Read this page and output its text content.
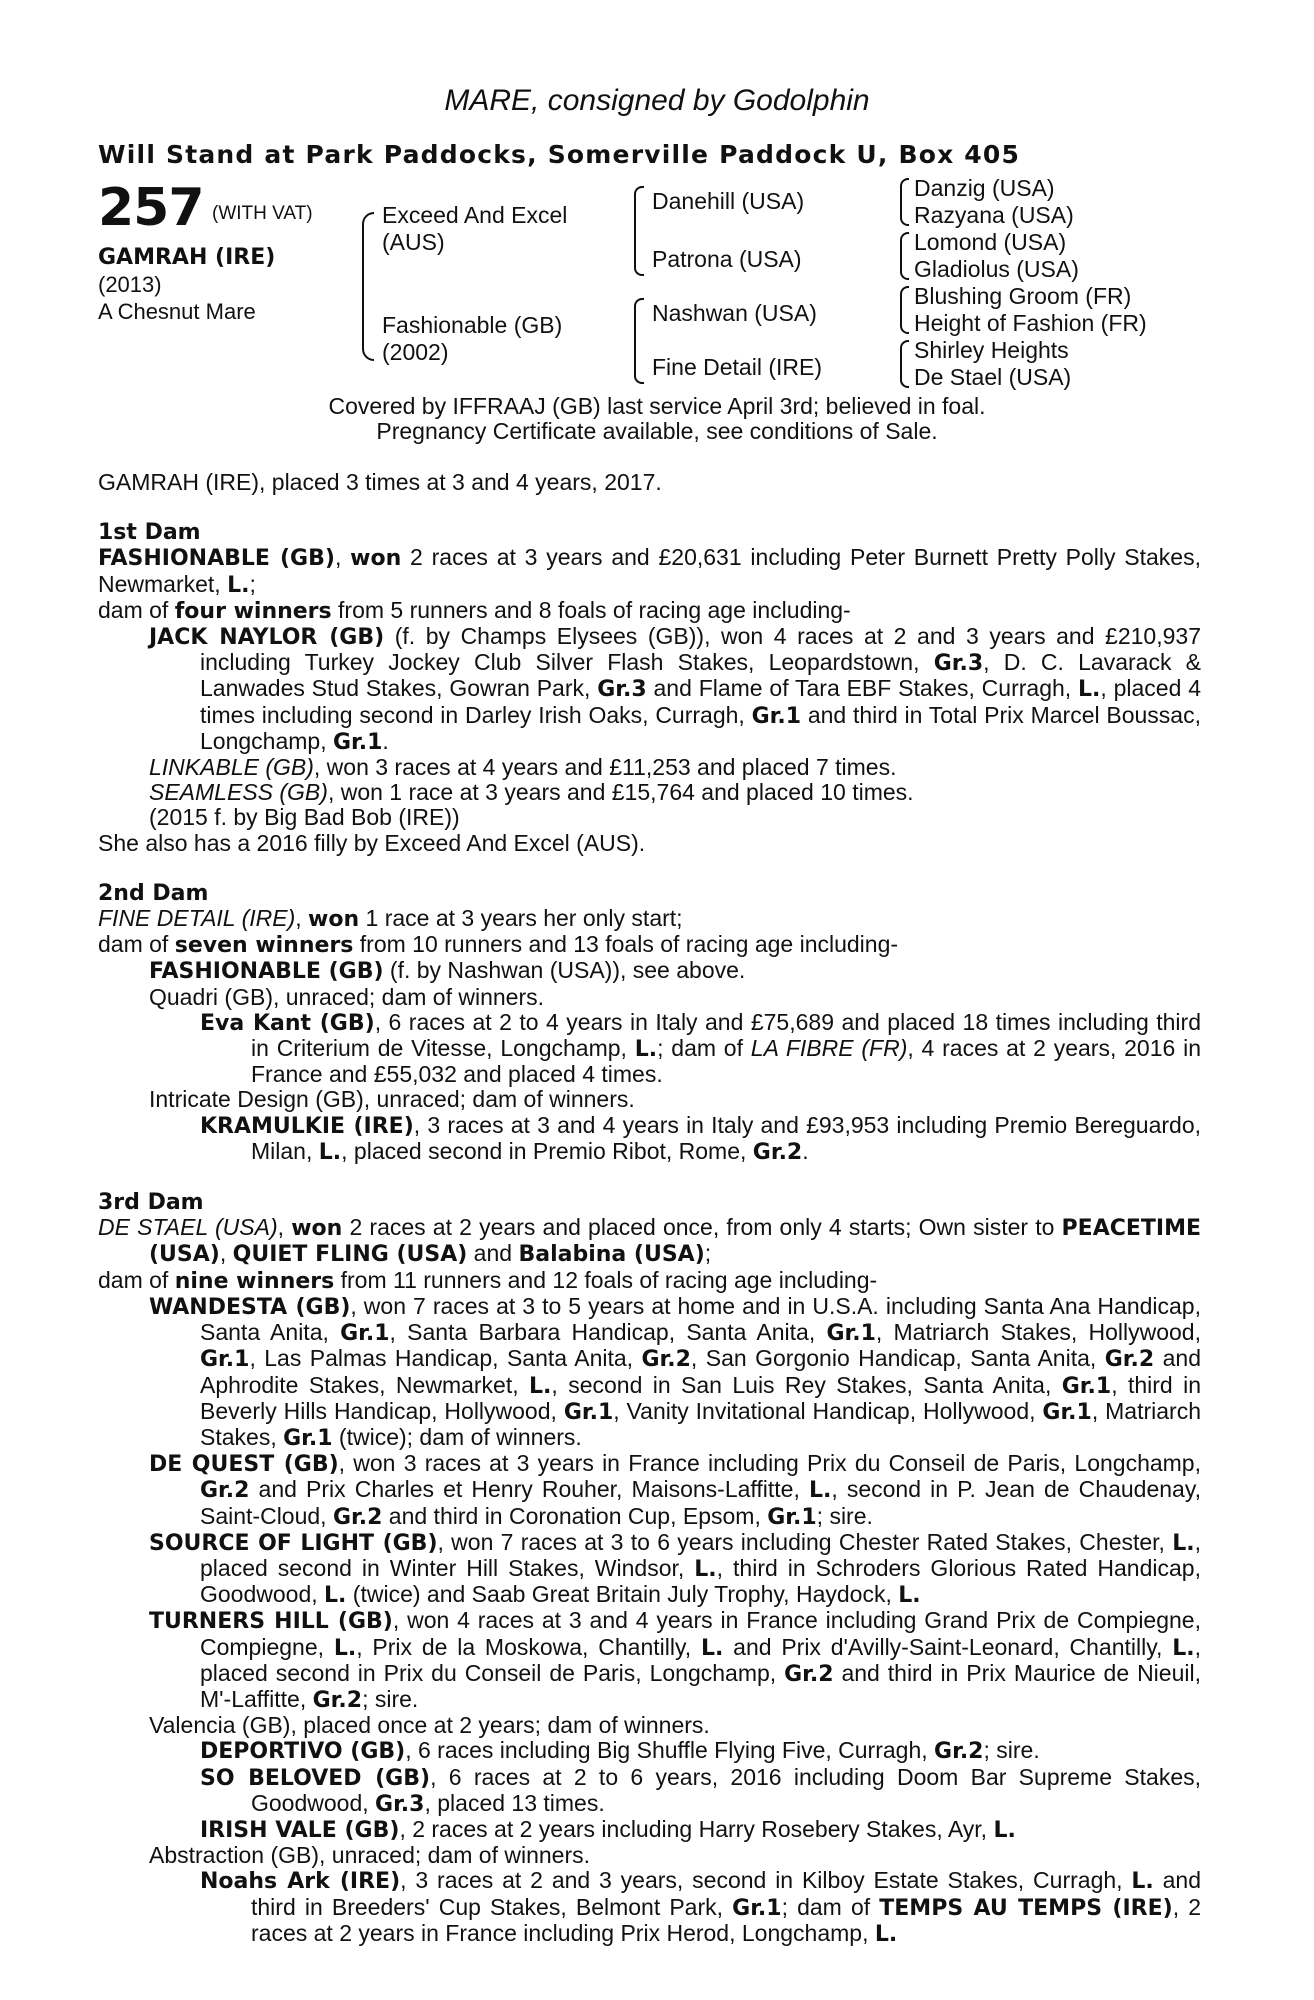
MARE, consigned by Godolphin
Will Stand at Park Paddocks, Somerville Paddock U, Box 405
257 (WITH VAT)
GAMRAH (IRE)
(2013)
A Chesnut Mare
Exceed And Excel
(AUS)
Fashionable (GB)
(2002)
Danehill (USA)
Patrona (USA)
Nashwan (USA)
Fine Detail (IRE)
Danzig (USA)
Razyana (USA)
Lomond (USA)
Gladiolus (USA)
Blushing Groom (FR)
Height of Fashion (FR)
Shirley Heights
De Stael (USA)
Covered by IFFRAAJ (GB) last service April 3rd; believed in foal.
Pregnancy Certificate available, see conditions of Sale.

GAMRAH (IRE), placed 3 times at 3 and 4 years, 2017.

1st Dam

FASHIONABLE (GB), won 2 races at 3 years and £20,631 including Peter Burnett Pretty Polly Stakes, Newmarket, L.;

dam of four winners from 5 runners and 8 foals of racing age including-

JACK NAYLOR (GB) (f. by Champs Elysees (GB)), won 4 races at 2 and 3 years and £210,937 including Turkey Jockey Club Silver Flash Stakes, Leopardstown, Gr.3, D. C. Lavarack & Lanwades Stud Stakes, Gowran Park, Gr.3 and Flame of Tara EBF Stakes, Curragh, L., placed 4 times including second in Darley Irish Oaks, Curragh, Gr.1 and third in Total Prix Marcel Boussac, Longchamp, Gr.1.

LINKABLE (GB), won 3 races at 4 years and £11,253 and placed 7 times.

SEAMLESS (GB), won 1 race at 3 years and £15,764 and placed 10 times.

(2015 f. by Big Bad Bob (IRE))

She also has a 2016 filly by Exceed And Excel (AUS).

2nd Dam

FINE DETAIL (IRE), won 1 race at 3 years her only start;

dam of seven winners from 10 runners and 13 foals of racing age including-

FASHIONABLE (GB) (f. by Nashwan (USA)), see above.

Quadri (GB), unraced; dam of winners.

Eva Kant (GB), 6 races at 2 to 4 years in Italy and £75,689 and placed 18 times including third in Criterium de Vitesse, Longchamp, L.; dam of LA FIBRE (FR), 4 races at 2 years, 2016 in France and £55,032 and placed 4 times.

Intricate Design (GB), unraced; dam of winners.

KRAMULKIE (IRE), 3 races at 3 and 4 years in Italy and £93,953 including Premio Bereguardo, Milan, L., placed second in Premio Ribot, Rome, Gr.2.

3rd Dam

DE STAEL (USA), won 2 races at 2 years and placed once, from only 4 starts; Own sister to PEACETIME (USA), QUIET FLING (USA) and Balabina (USA);

dam of nine winners from 11 runners and 12 foals of racing age including-

WANDESTA (GB), won 7 races at 3 to 5 years at home and in U.S.A. including Santa Ana Handicap, Santa Anita, Gr.1, Santa Barbara Handicap, Santa Anita, Gr.1, Matriarch Stakes, Hollywood, Gr.1, Las Palmas Handicap, Santa Anita, Gr.2, San Gorgonio Handicap, Santa Anita, Gr.2 and Aphrodite Stakes, Newmarket, L., second in San Luis Rey Stakes, Santa Anita, Gr.1, third in Beverly Hills Handicap, Hollywood, Gr.1, Vanity Invitational Handicap, Hollywood, Gr.1, Matriarch Stakes, Gr.1 (twice); dam of winners.

DE QUEST (GB), won 3 races at 3 years in France including Prix du Conseil de Paris, Longchamp, Gr.2 and Prix Charles et Henry Rouher, Maisons-Laffitte, L., second in P. Jean de Chaudenay, Saint-Cloud, Gr.2 and third in Coronation Cup, Epsom, Gr.1; sire.

SOURCE OF LIGHT (GB), won 7 races at 3 to 6 years including Chester Rated Stakes, Chester, L., placed second in Winter Hill Stakes, Windsor, L., third in Schroders Glorious Rated Handicap, Goodwood, L. (twice) and Saab Great Britain July Trophy, Haydock, L.

TURNERS HILL (GB), won 4 races at 3 and 4 years in France including Grand Prix de Compiegne, Compiegne, L., Prix de la Moskowa, Chantilly, L. and Prix d'Avilly-Saint-Leonard, Chantilly, L., placed second in Prix du Conseil de Paris, Longchamp, Gr.2 and third in Prix Maurice de Nieuil, M'-Laffitte, Gr.2; sire.

Valencia (GB), placed once at 2 years; dam of winners.

DEPORTIVO (GB), 6 races including Big Shuffle Flying Five, Curragh, Gr.2; sire.

SO BELOVED (GB), 6 races at 2 to 6 years, 2016 including Doom Bar Supreme Stakes, Goodwood, Gr.3, placed 13 times.

IRISH VALE (GB), 2 races at 2 years including Harry Rosebery Stakes, Ayr, L.

Abstraction (GB), unraced; dam of winners.

Noahs Ark (IRE), 3 races at 2 and 3 years, second in Kilboy Estate Stakes, Curragh, L. and third in Breeders' Cup Stakes, Belmont Park, Gr.1; dam of TEMPS AU TEMPS (IRE), 2 races at 2 years in France including Prix Herod, Longchamp, L.
